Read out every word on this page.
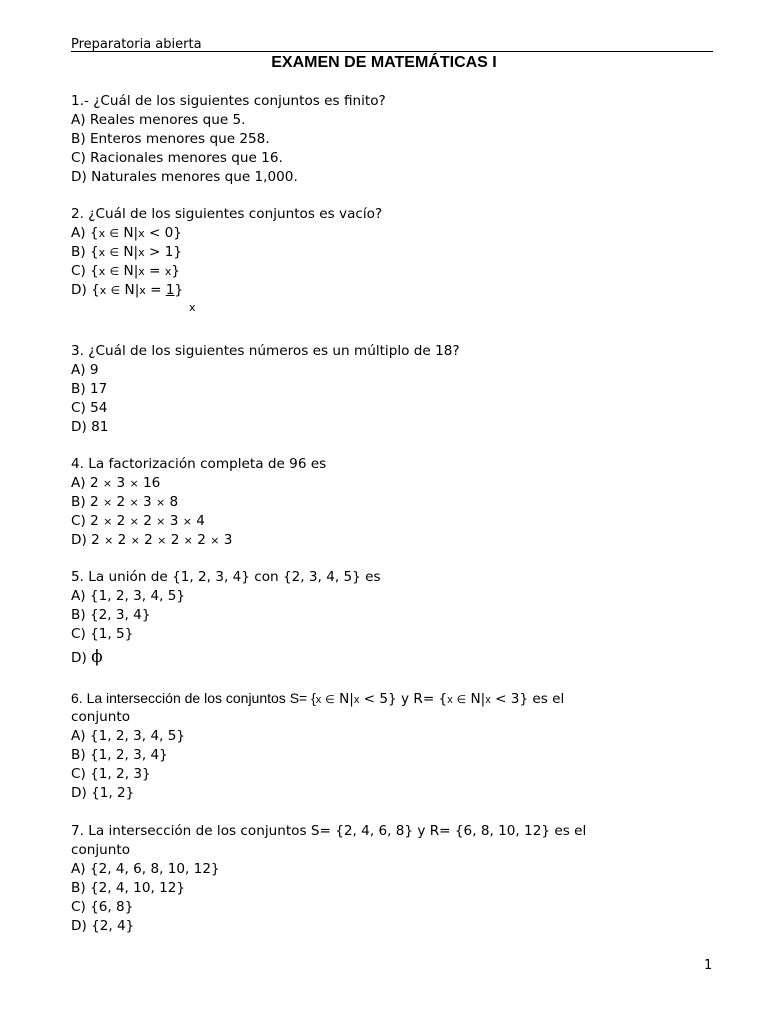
Preparatoria abierta
EXAMEN DE MATEMÁTICAS I
1.- ¿Cuál de los siguientes conjuntos es finito?
A) Reales menores que 5.
B) Enteros menores que 258.
C) Racionales menores que 16.
D) Naturales menores que 1,000.
2. ¿Cuál de los siguientes conjuntos es vacío?
A) {x ∈ N|x < 0}
B) {x ∈ N|x > 1}
C) {x ∈ N|x = x}
D) {x ∈ N|x = 1}
x
3. ¿Cuál de los siguientes números es un múltiplo de 18?
A) 9
B) 17
C) 54
D) 81
4. La factorización completa de 96 es
A) 2 × 3 × 16
B) 2 × 2 × 3 × 8
C) 2 × 2 × 2 × 3 × 4
D) 2 × 2 × 2 × 2 × 2 × 3
5. La unión de {1, 2, 3, 4} con {2, 3, 4, 5} es
A) {1, 2, 3, 4, 5}
B) {2, 3, 4}
C) {1, 5}
D) ϕ
6. La intersección de los conjuntos S= {x ∈ N|x < 5} y R= {x ∈ N|x < 3} es el
conjunto
A) {1, 2, 3, 4, 5}
B) {1, 2, 3, 4}
C) {1, 2, 3}
D) {1, 2}
7. La intersección de los conjuntos S= {2, 4, 6, 8} y R= {6, 8, 10, 12} es el
conjunto
A) {2, 4, 6, 8, 10, 12}
B) {2, 4, 10, 12}
C) {6, 8}
D) {2, 4}
1
